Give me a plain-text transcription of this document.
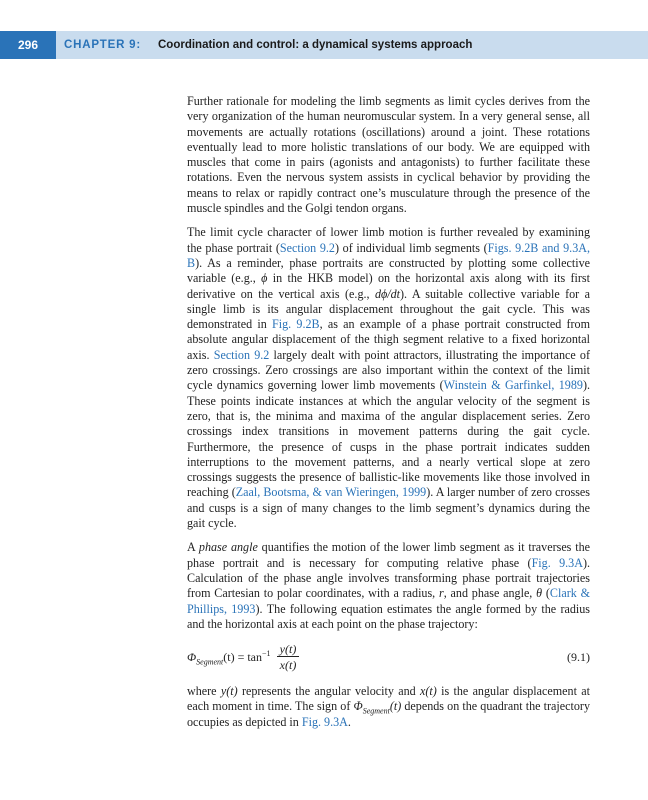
296	CHAPTER 9: Coordination and control: a dynamical systems approach

Further rationale for modeling the limb segments as limit cycles derives from the very organization of the human neuromuscular system. In a very general sense, all movements are actually rotations (oscillations) around a joint. These rotations eventually lead to more holistic translations of our body. We are equipped with muscles that come in pairs (agonists and antagonists) to further facilitate these rotations. Even the nervous system assists in cyclical behavior by providing the means to relax or rapidly contract one’s musculature through the presence of the muscle spindles and the Golgi tendon organs.

The limit cycle character of lower limb motion is further revealed by examining the phase portrait (Section 9.2) of individual limb segments (Figs. 9.2B and 9.3A, B). As a reminder, phase portraits are constructed by plotting some collective variable (e.g., ϕ in the HKB model) on the horizontal axis along with its first derivative on the vertical axis (e.g., dϕ/dt). A suitable collective variable for a single limb is its angular displacement throughout the gait cycle. This was demonstrated in Fig. 9.2B, as an example of a phase portrait constructed from absolute angular displacement of the thigh segment relative to a fixed horizontal axis. Section 9.2 largely dealt with point attractors, illustrating the importance of zero crossings. Zero crossings are also important within the context of the limit cycle dynamics governing lower limb movements (Winstein & Garfinkel, 1989). These points indicate instances at which the angular velocity of the segment is zero, that is, the minima and maxima of the angular displacement series. Zero crossings index transitions in movement patterns during the gait cycle. Furthermore, the presence of cusps in the phase portrait indicates sudden interruptions to the movement patterns, and a nearly vertical slope at zero crossings suggests the presence of ballistic-like movements like those involved in reaching (Zaal, Bootsma, & van Wieringen, 1999). A larger number of zero crosses and cusps is a sign of many changes to the limb segment’s dynamics during the gait cycle.

A phase angle quantifies the motion of the lower limb segment as it traverses the phase portrait and is necessary for computing relative phase (Fig. 9.3A). Calculation of the phase angle involves transforming phase portrait trajectories from Cartesian to polar coordinates, with a radius, r, and phase angle, θ (Clark & Phillips, 1993). The following equation estimates the angle formed by the radius and the horizontal axis at each point on the phase trajectory:

$\Phi_{Segment}(t) = \tan^{-1} \frac{y(t)}{x(t)}$	(9.1)

where y(t) represents the angular velocity and x(t) is the angular displacement at each moment in time. The sign of $\Phi_{Segment}(t)$ depends on the quadrant the trajectory occupies as depicted in Fig. 9.3A.
